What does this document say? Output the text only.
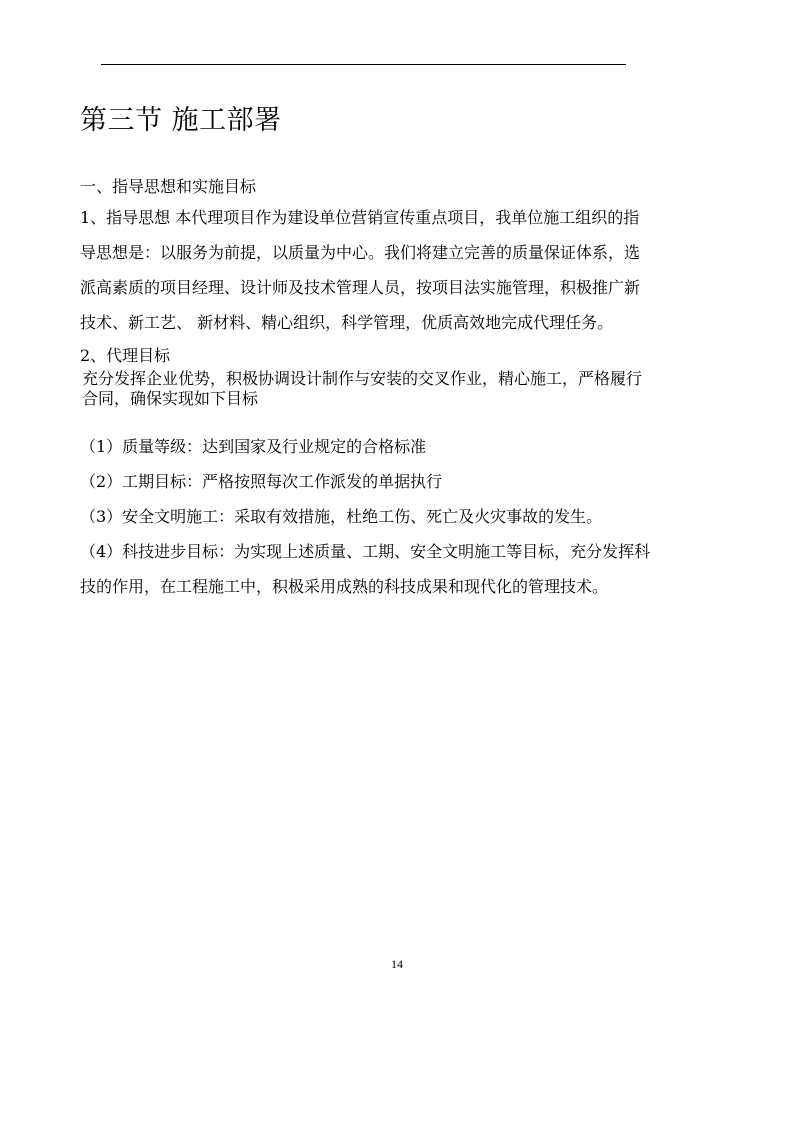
第三节 施工部署
一、指导思想和实施目标
1、指导思想 本代理项目作为建设单位营销宣传重点项目，我单位施工组织的指
导思想是：以服务为前提，以质量为中心。我们将建立完善的质量保证体系，选
派高素质的项目经理、设计师及技术管理人员，按项目法实施管理，积极推广新
技术、新工艺、 新材料、精心组织，科学管理，优质高效地完成代理任务。
2、代理目标
充分发挥企业优势，积极协调设计制作与安装的交叉作业，精心施工，严格履行
合同，确保实现如下目标
（1）质量等级：达到国家及行业规定的合格标准
（2）工期目标：严格按照每次工作派发的单据执行
（3）安全文明施工：采取有效措施，杜绝工伤、死亡及火灾事故的发生。
（4）科技进步目标：为实现上述质量、工期、安全文明施工等目标，充分发挥科
技的作用，在工程施工中，积极采用成熟的科技成果和现代化的管理技术。
14
